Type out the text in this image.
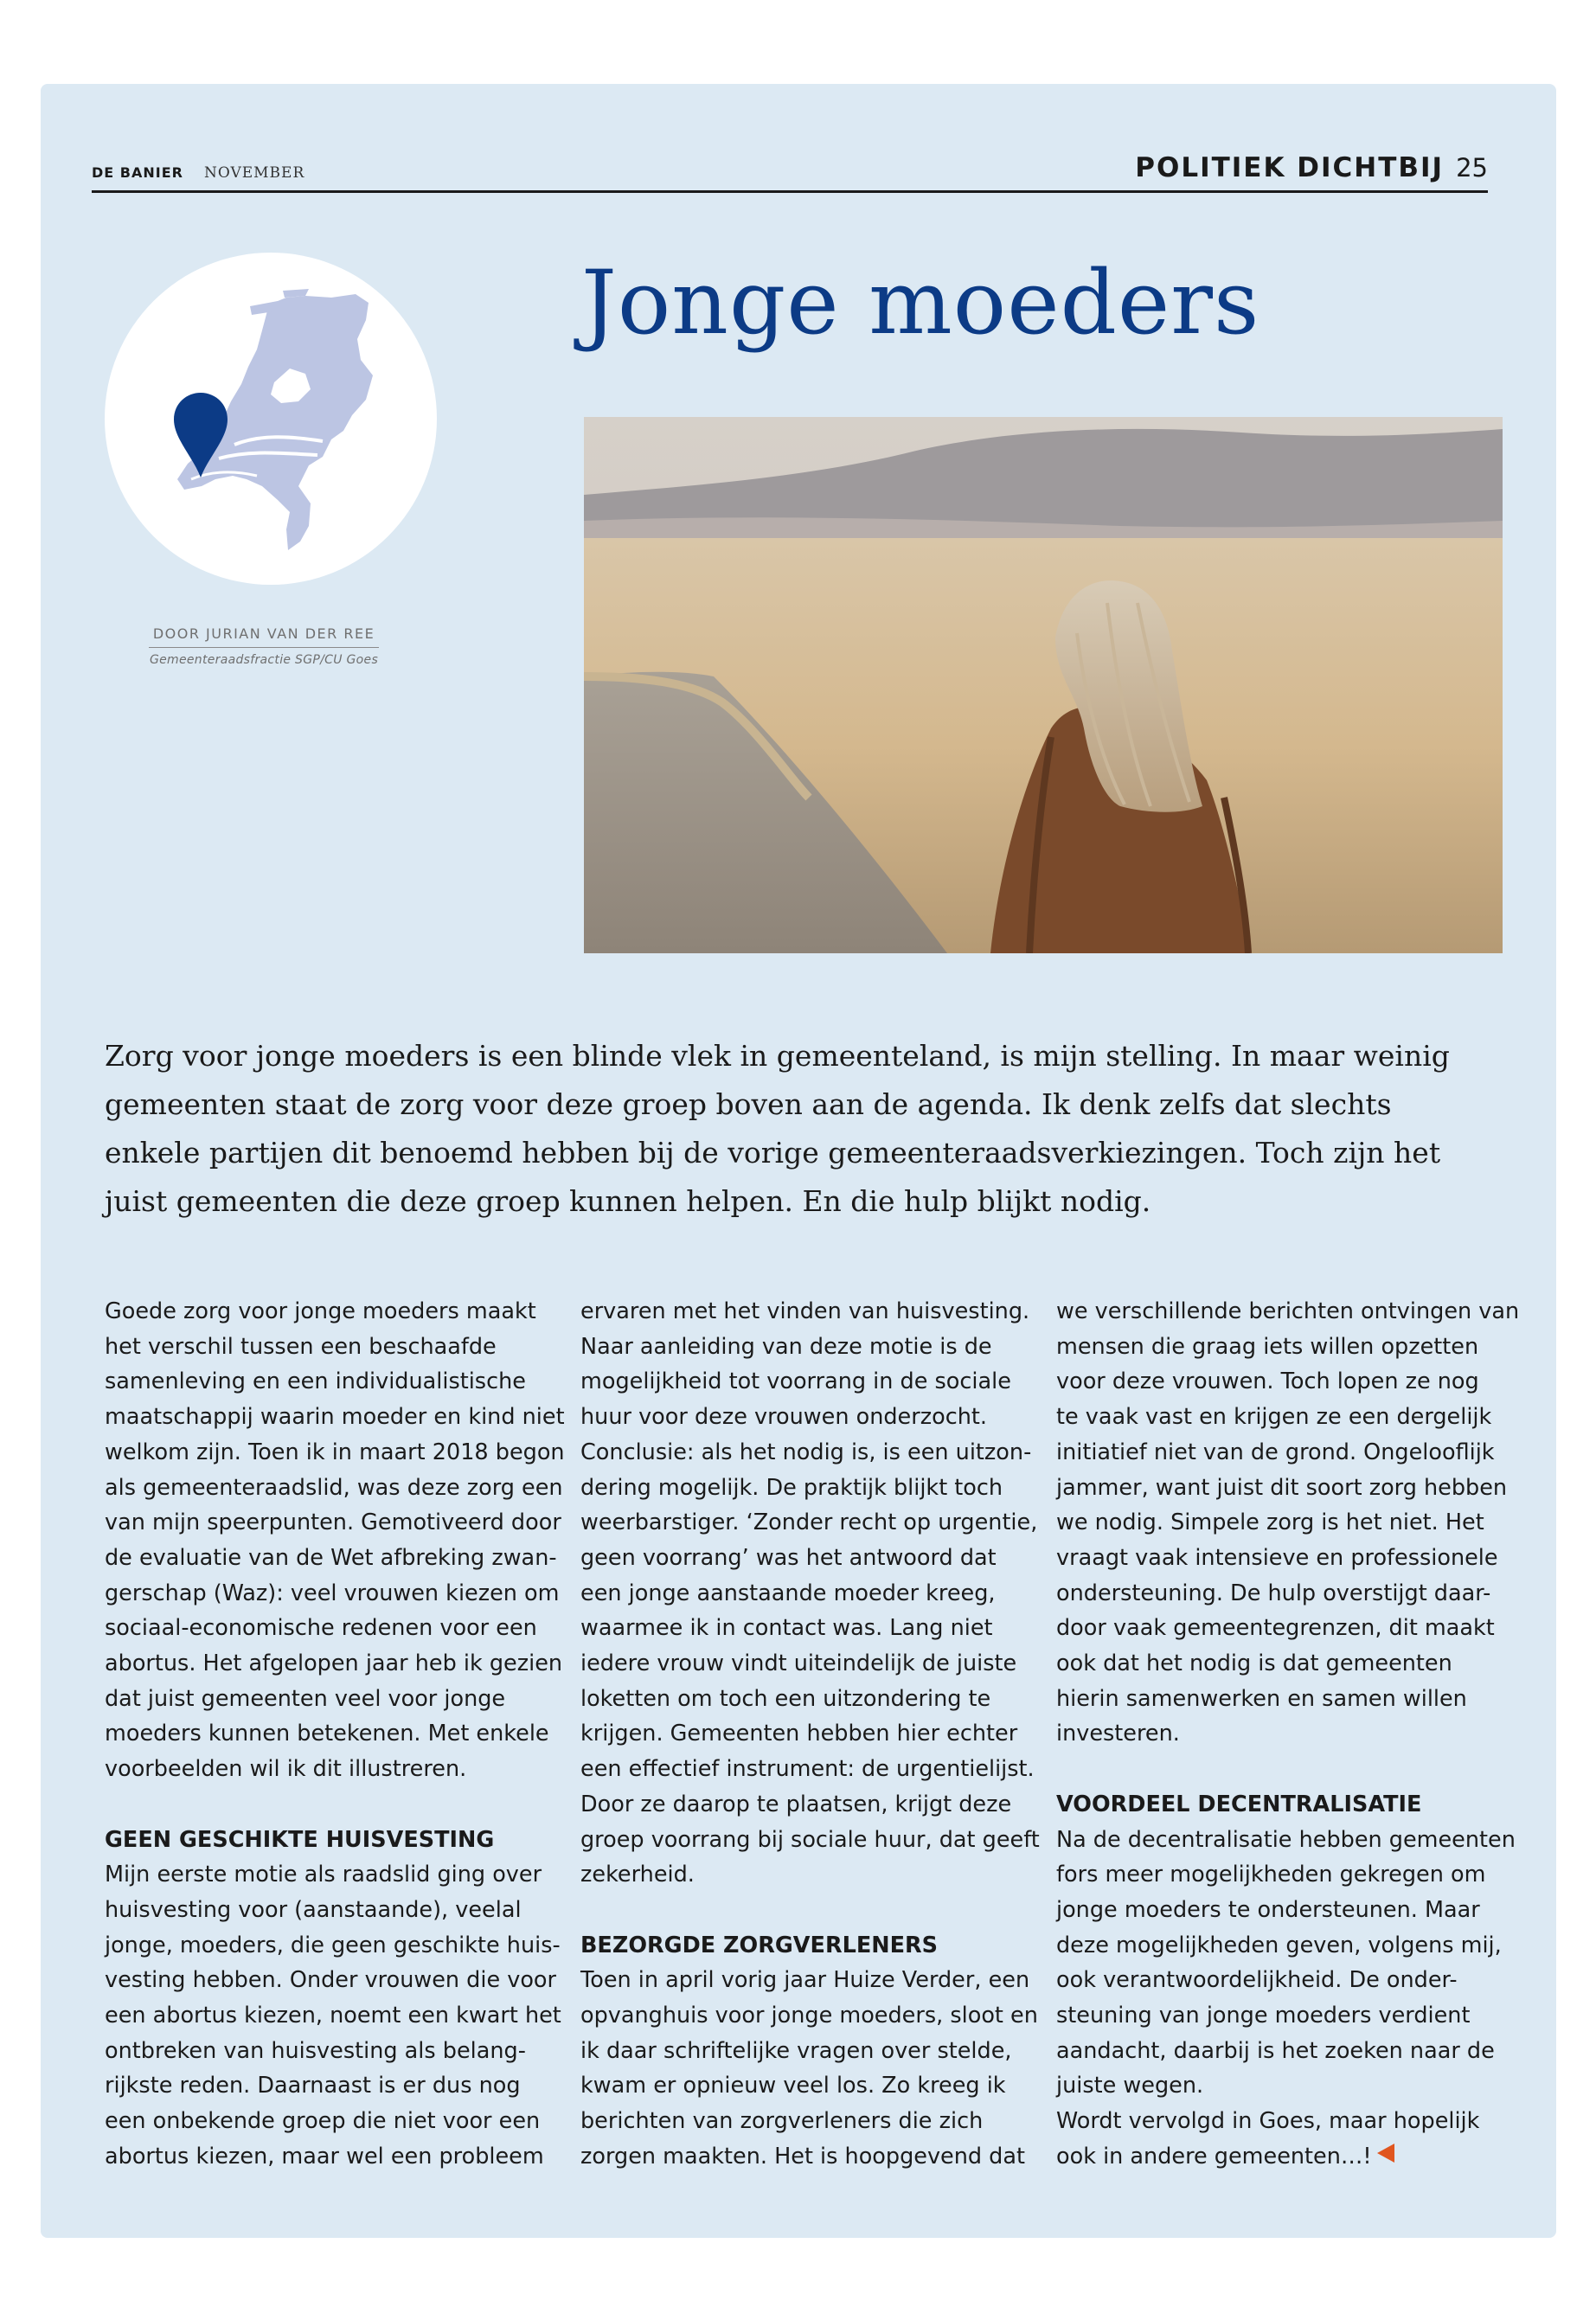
DE BANIER NOVEMBER	POLITIEK DICHTBIJ 25
DOOR JURIAN VAN DER REE
Gemeenteraadsfractie SGP/CU Goes
Jonge moeders
Zorg voor jonge moeders is een blinde vlek in gemeenteland, is mijn stelling. In maar weinig gemeenten staat de zorg voor deze groep boven aan de agenda. Ik denk zelfs dat slechts enkele partijen dit benoemd hebben bij de vorige gemeenteraadsverkiezingen. Toch zijn het juist gemeenten die deze groep kunnen helpen. En die hulp blijkt nodig.
Goede zorg voor jonge moeders maakt
het verschil tussen een beschaafde
samenleving en een individualistische
maatschappij waarin moeder en kind niet
welkom zijn. Toen ik in maart 2018 begon
als gemeenteraadslid, was deze zorg een
van mijn speerpunten. Gemotiveerd door
de evaluatie van de Wet afbreking zwan-
gerschap (Waz): veel vrouwen kiezen om
sociaal-economische redenen voor een
abortus. Het afgelopen jaar heb ik gezien
dat juist gemeenten veel voor jonge
moeders kunnen betekenen. Met enkele
voorbeelden wil ik dit illustreren.
GEEN GESCHIKTE HUISVESTING
Mijn eerste motie als raadslid ging over
huisvesting voor (aanstaande), veelal
jonge, moeders, die geen geschikte huis-
vesting hebben. Onder vrouwen die voor
een abortus kiezen, noemt een kwart het
ontbreken van huisvesting als belang-
rijkste reden. Daarnaast is er dus nog
een onbekende groep die niet voor een
abortus kiezen, maar wel een probleem
ervaren met het vinden van huisvesting.
Naar aanleiding van deze motie is de
mogelijkheid tot voorrang in de sociale
huur voor deze vrouwen onderzocht.
Conclusie: als het nodig is, is een uitzon-
dering mogelijk. De praktijk blijkt toch
weerbarstiger. ‘Zonder recht op urgentie,
geen voorrang’ was het antwoord dat
een jonge aanstaande moeder kreeg,
waarmee ik in contact was. Lang niet
iedere vrouw vindt uiteindelijk de juiste
loketten om toch een uitzondering te
krijgen. Gemeenten hebben hier echter
een effectief instrument: de urgentielijst.
Door ze daarop te plaatsen, krijgt deze
groep voorrang bij sociale huur, dat geeft
zekerheid.
BEZORGDE ZORGVERLENERS
Toen in april vorig jaar Huize Verder, een
opvanghuis voor jonge moeders, sloot en
ik daar schriftelijke vragen over stelde,
kwam er opnieuw veel los. Zo kreeg ik
berichten van zorgverleners die zich
zorgen maakten. Het is hoopgevend dat
we verschillende berichten ontvingen van
mensen die graag iets willen opzetten
voor deze vrouwen. Toch lopen ze nog
te vaak vast en krijgen ze een dergelijk
initiatief niet van de grond. Ongelooflijk
jammer, want juist dit soort zorg hebben
we nodig. Simpele zorg is het niet. Het
vraagt vaak intensieve en professionele
ondersteuning. De hulp overstijgt daar-
door vaak gemeentegrenzen, dit maakt
ook dat het nodig is dat gemeenten
hierin samenwerken en samen willen
investeren.
VOORDEEL DECENTRALISATIE
Na de decentralisatie hebben gemeenten
fors meer mogelijkheden gekregen om
jonge moeders te ondersteunen. Maar
deze mogelijkheden geven, volgens mij,
ook verantwoordelijkheid. De onder-
steuning van jonge moeders verdient
aandacht, daarbij is het zoeken naar de
juiste wegen.
Wordt vervolgd in Goes, maar hopelijk
ook in andere gemeenten…!
